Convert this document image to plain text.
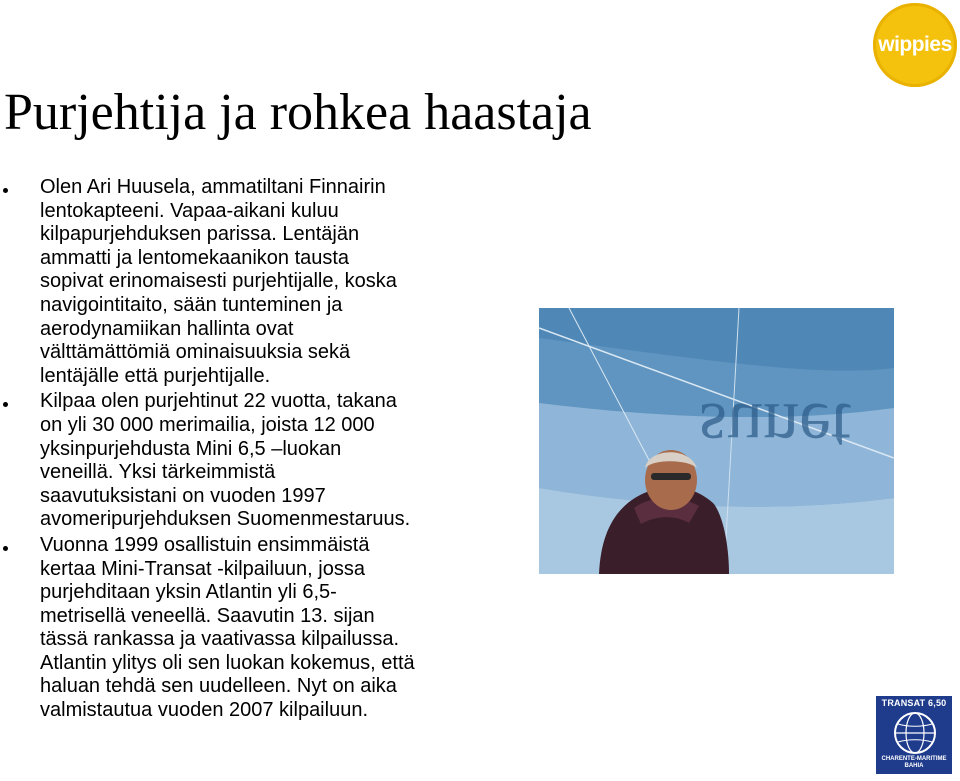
wippies
Purjehtija ja rohkea haastaja
Olen Ari Huusela, ammatiltani Finnairin
lentokapteeni. Vapaa-aikani kuluu
kilpapurjehduksen parissa. Lentäjän
ammatti ja lentomekaanikon tausta
sopivat erinomaisesti purjehtijalle, koska
navigointitaito, sään tunteminen ja
aerodynamiikan hallinta ovat
välttämättömiä ominaisuuksia sekä
lentäjälle että purjehtijalle.
Kilpaa olen purjehtinut 22 vuotta, takana
on yli 30 000 merimailia, joista 12 000
yksinpurjehdusta Mini 6,5 –luokan
veneillä. Yksi tärkeimmistä
saavutuksistani on vuoden 1997
avomeripurjehduksen Suomenmestaruus.
Vuonna 1999 osallistuin ensimmäistä
kertaa Mini-Transat -kilpailuun, jossa
purjehditaan yksin Atlantin yli 6,5-
metrisellä veneellä. Saavutin 13. sijan
tässä rankassa ja vaativassa kilpailussa.
Atlantin ylitys oli sen luokan kokemus, että
haluan tehdä sen uudelleen. Nyt on aika
valmistautua vuoden 2007 kilpailuun.
sunet
TRANSAT 6,50
CHARENTE-MARITIME
BAHIA
